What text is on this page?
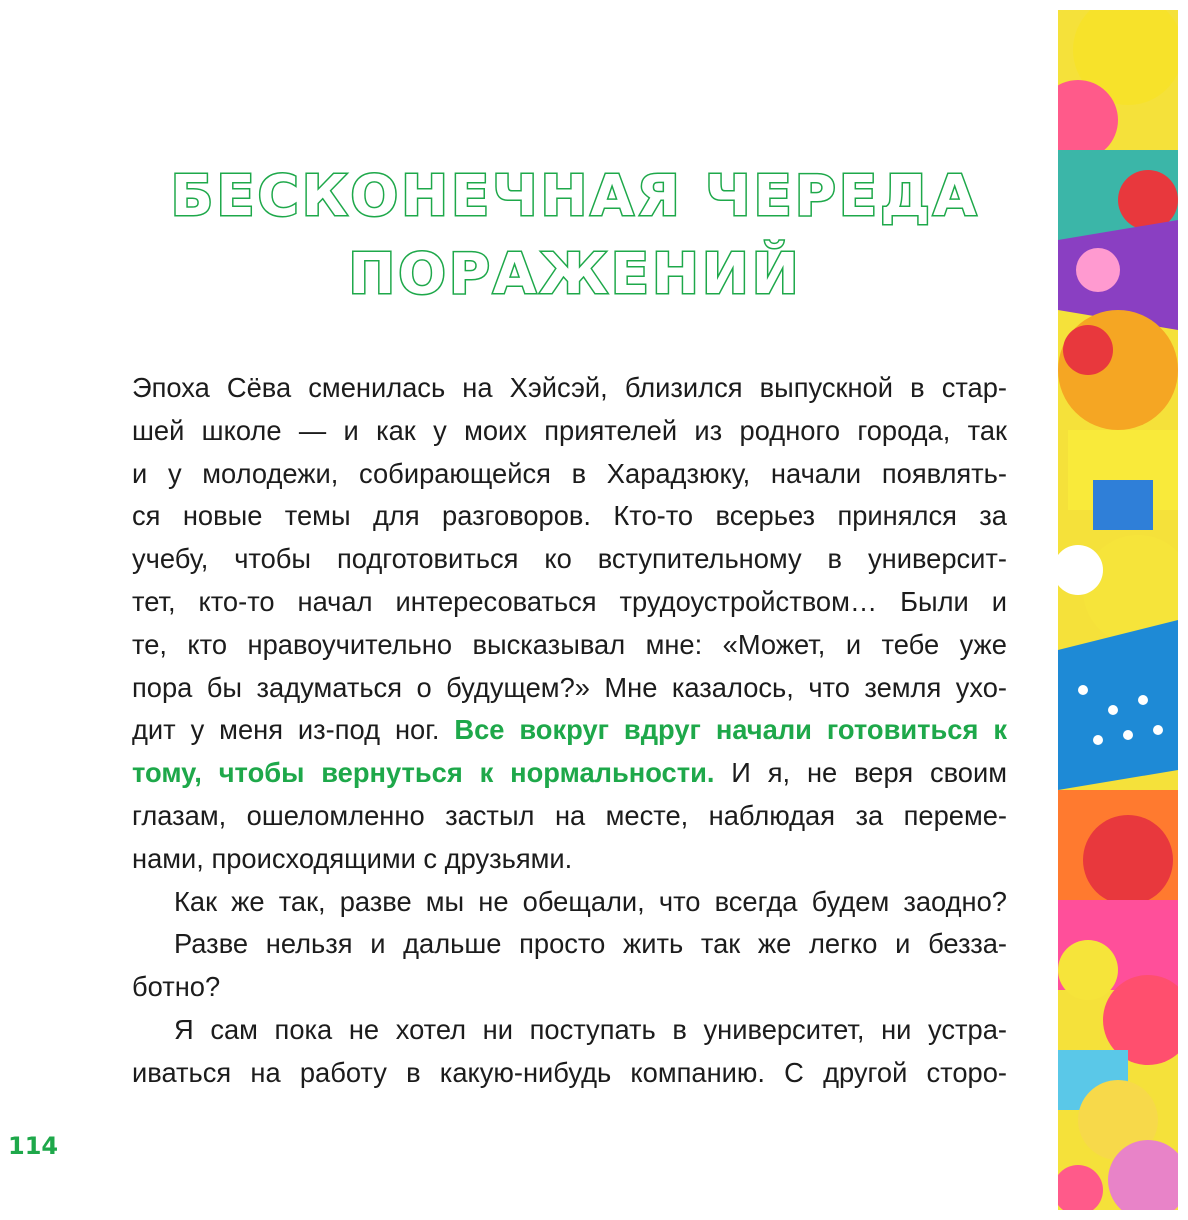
БЕСКОНЕЧНАЯ ЧЕРЕДА
ПОРАЖЕНИЙ
Эпоха Сёва сменилась на Хэйсэй, близился выпускной в стар-
шей школе — и как у моих приятелей из родного города, так
и у молодежи, собирающейся в Харадзюку, начали появлять-
ся новые темы для разговоров. Кто-то всерьез принялся за
учебу, чтобы подготовиться ко вступительному в университ-
тет, кто-то начал интересоваться трудоустройством… Были и
те, кто нравоучительно высказывал мне: «Может, и тебе уже
пора бы задуматься о будущем?» Мне казалось, что земля ухо-
дит у меня из-под ног. Все вокруг вдруг начали готовиться к
тому, чтобы вернуться к нормальности. И я, не веря своим
глазам, ошеломленно застыл на месте, наблюдая за переме-
нами, происходящими с друзьями.
Как же так, разве мы не обещали, что всегда будем заодно?
Разве нельзя и дальше просто жить так же легко и безза-
ботно?
Я сам пока не хотел ни поступать в университет, ни устра-
иваться на работу в какую-нибудь компанию. С другой сторо-
114
